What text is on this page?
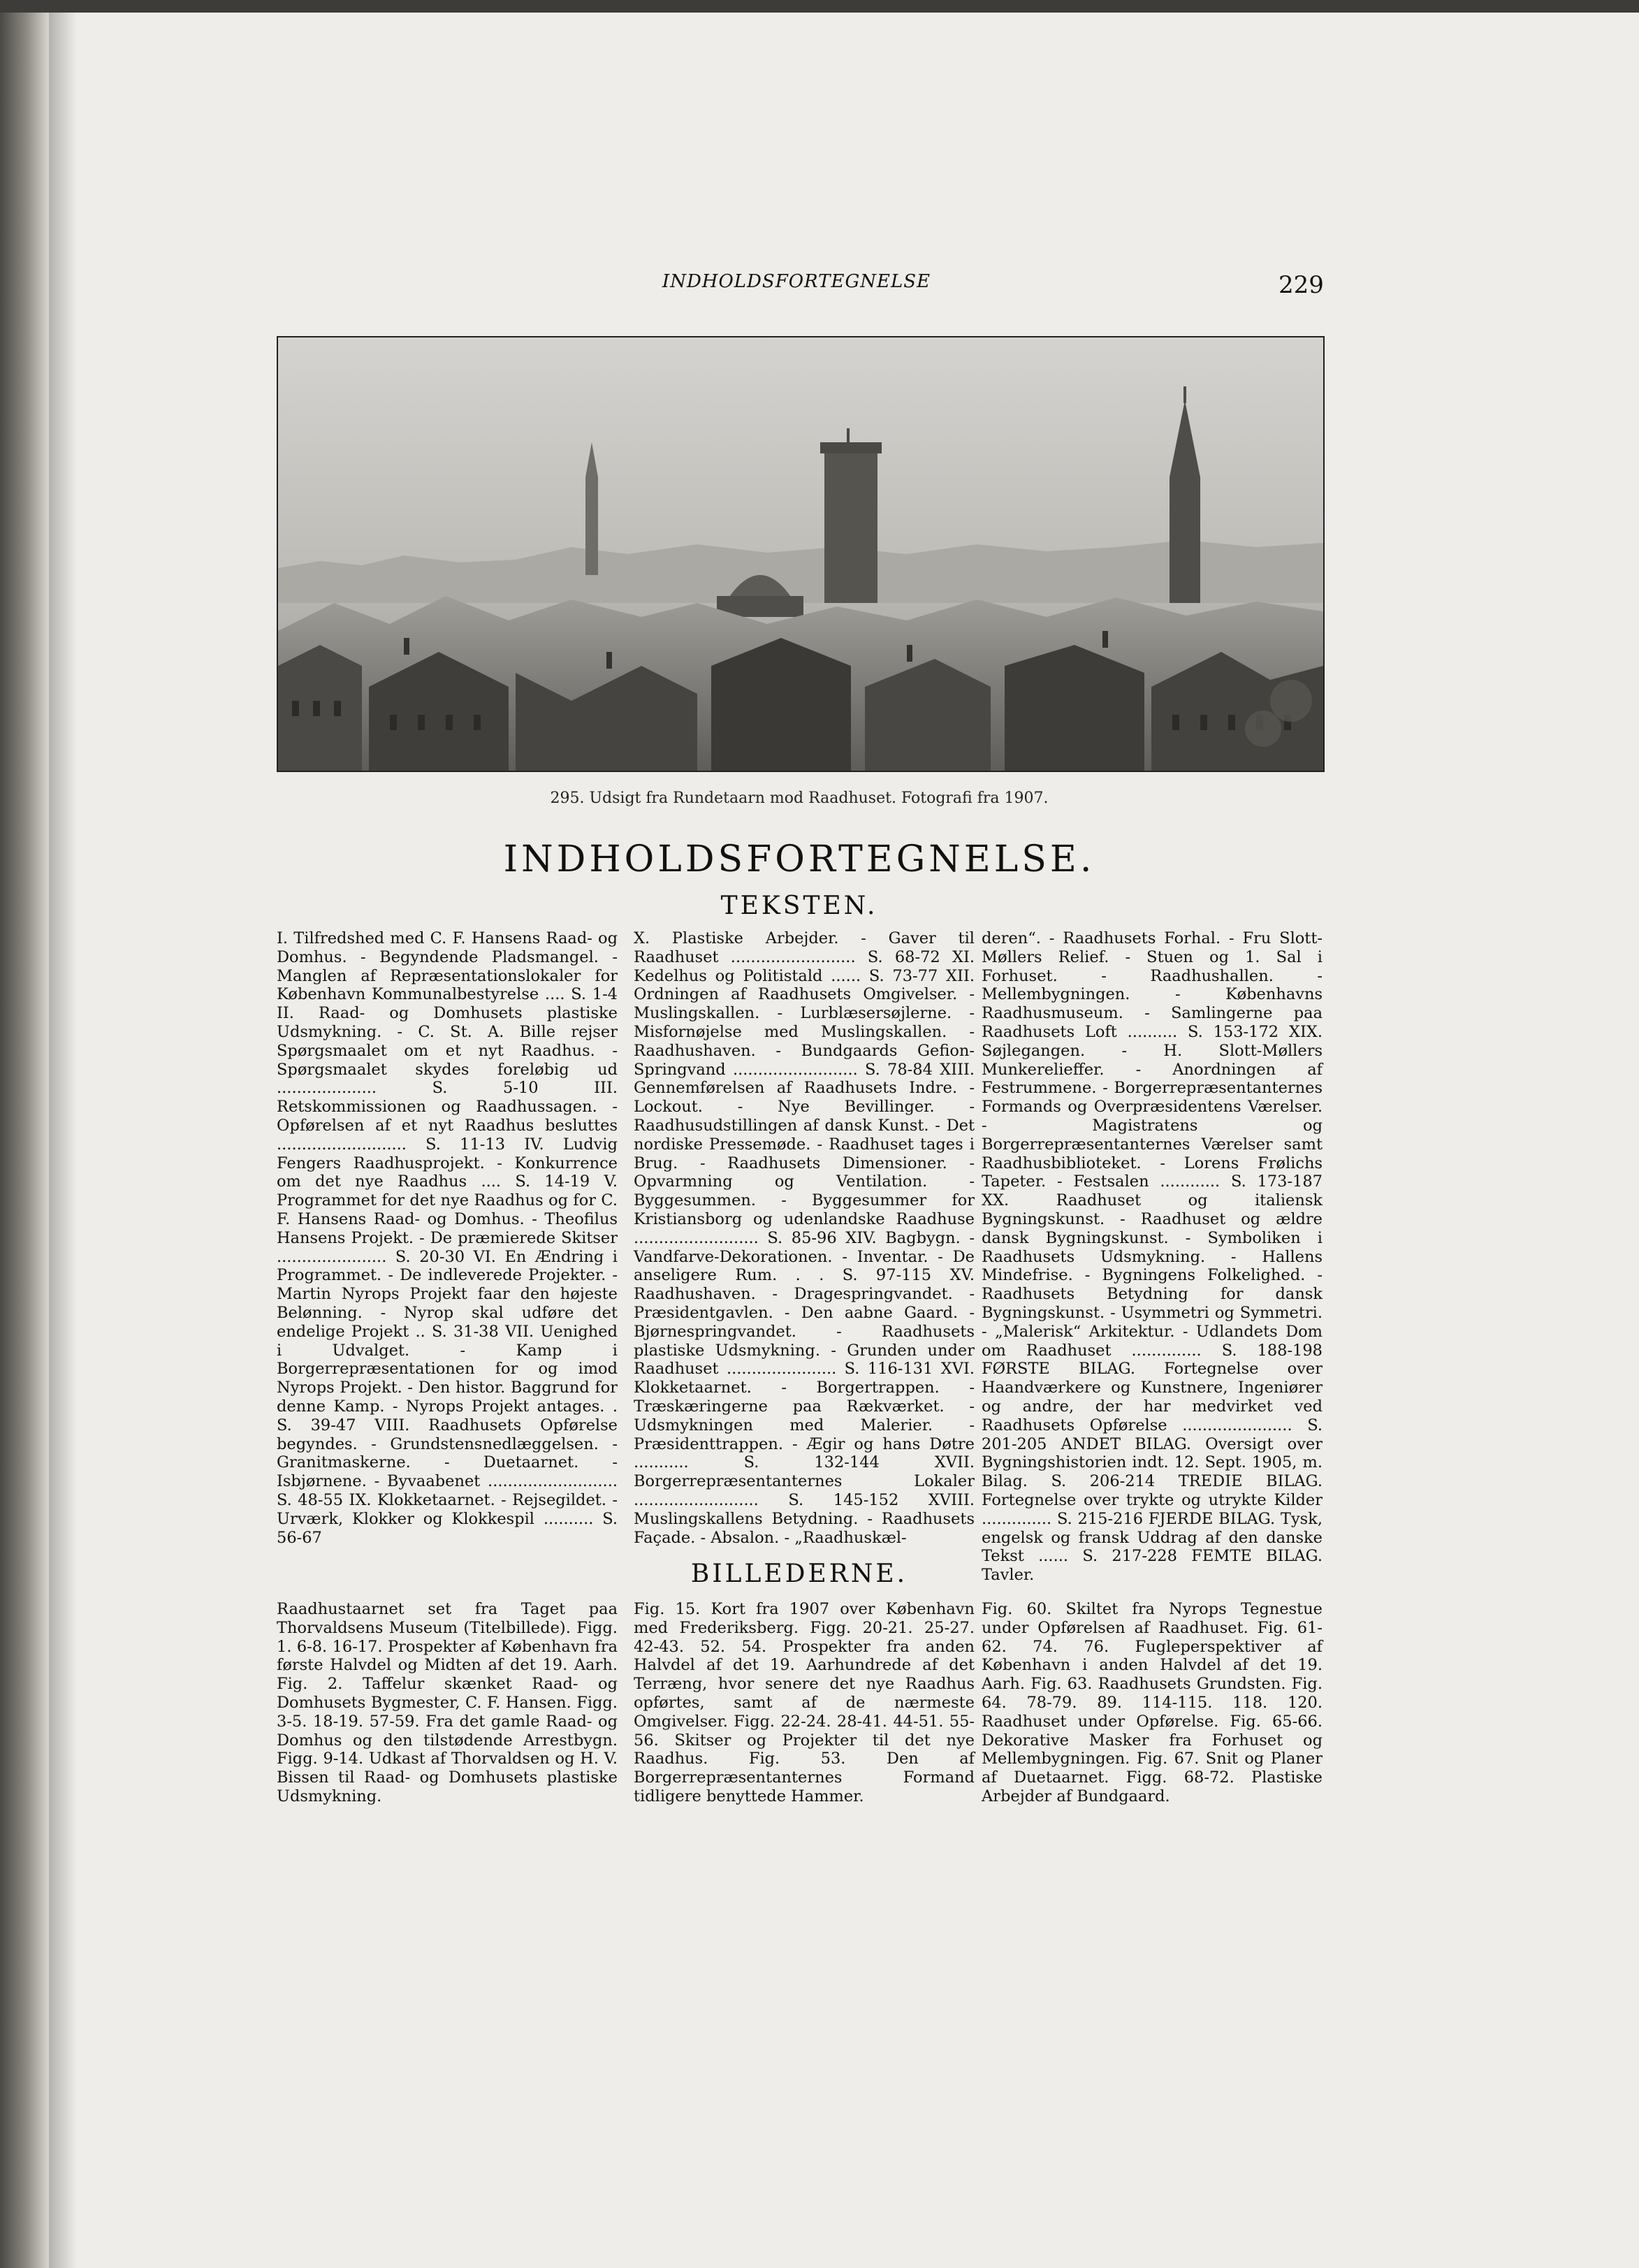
INDHOLDSFORTEGNELSE	229
295. Udsigt fra Rundetaarn mod Raadhuset. Fotografi fra 1907.
INDHOLDSFORTEGNELSE.
TEKSTEN.

I. Tilfredshed med C. F. Hansens Raad- og Domhus. - Begyndende Pladsmangel. - Manglen af Repræsentationslokaler for København Kommunalbestyrelse .... S. 1-4 II. Raad- og Domhusets plastiske Udsmykning. - C. St. A. Bille rejser Spørgsmaalet om et nyt Raadhus. - Spørgsmaalet skydes foreløbig ud .................... S. 5-10 III. Retskommissionen og Raadhussagen. - Opførelsen af et nyt Raadhus besluttes .......................... S. 11-13 IV. Ludvig Fengers Raadhusprojekt. - Konkurrence om det nye Raadhus .... S. 14-19 V. Programmet for det nye Raadhus og for C. F. Hansens Raad- og Domhus. - Theofilus Hansens Projekt. - De præmierede Skitser ...................... S. 20-30 VI. En Ændring i Programmet. - De indleverede Projekter. - Martin Nyrops Projekt faar den højeste Belønning. - Nyrop skal udføre det endelige Projekt .. S. 31-38 VII. Uenighed i Udvalget. - Kamp i Borgerrepræsentationen for og imod Nyrops Projekt. - Den histor. Baggrund for denne Kamp. - Nyrops Projekt antages. . S. 39-47 VIII. Raadhusets Opførelse begyndes. - Grundstensnedlæggelsen. - Granitmaskerne. - Duetaarnet. - Isbjørnene. - Byvaabenet .......................... S. 48-55 IX. Klokketaarnet. - Rejsegildet. - Urværk, Klokker og Klokkespil .......... S. 56-67

X. Plastiske Arbejder. - Gaver til Raadhuset ......................... S. 68-72 XI. Kedelhus og Politistald ...... S. 73-77 XII. Ordningen af Raadhusets Omgivelser. - Muslingskallen. - Lurblæsersøjlerne. - Misfornøjelse med Muslingskallen. - Raadhushaven. - Bundgaards Gefion-Springvand ......................... S. 78-84 XIII. Gennemførelsen af Raadhusets Indre. - Lockout. - Nye Bevillinger. - Raadhusudstillingen af dansk Kunst. - Det nordiske Pressemøde. - Raadhuset tages i Brug. - Raadhusets Dimensioner. - Opvarmning og Ventilation. - Byggesummen. - Byggesummer for Kristiansborg og udenlandske Raadhuse ......................... S. 85-96 XIV. Bagbygn. - Vandfarve-Dekorationen. - Inventar. - De anseligere Rum. . . S. 97-115 XV. Raadhushaven. - Dragespringvandet. - Præsidentgavlen. - Den aabne Gaard. - Bjørnespringvandet. - Raadhusets plastiske Udsmykning. - Grunden under Raadhuset ...................... S. 116-131 XVI. Klokketaarnet. - Borgertrappen. - Træskæringerne paa Rækværket. - Udsmykningen med Malerier. - Præsidenttrappen. - Ægir og hans Døtre ........... S. 132-144 XVII. Borgerrepræsentanternes Lokaler ......................... S. 145-152 XVIII. Muslingskallens Betydning. - Raadhusets Façade. - Absalon. - „Raadhuskæl-

deren“. - Raadhusets Forhal. - Fru Slott-Møllers Relief. - Stuen og 1. Sal i Forhuset. - Raadhushallen. - Mellembygningen. - Københavns Raadhusmuseum. - Samlingerne paa Raadhusets Loft .......... S. 153-172 XIX. Søjlegangen. - H. Slott-Møllers Munkerelieffer. - Anordningen af Festrummene. - Borgerrepræsentanternes Formands og Overpræsidentens Værelser. - Magistratens og Borgerrepræsentanternes Værelser samt Raadhusbiblioteket. - Lorens Frølichs Tapeter. - Festsalen ............ S. 173-187 XX. Raadhuset og italiensk Bygningskunst. - Raadhuset og ældre dansk Bygningskunst. - Symboliken i Raadhusets Udsmykning. - Hallens Mindefrise. - Bygningens Folkelighed. - Raadhusets Betydning for dansk Bygningskunst. - Usymmetri og Symmetri. - „Malerisk“ Arkitektur. - Udlandets Dom om Raadhuset .............. S. 188-198 FØRSTE BILAG. Fortegnelse over Haandværkere og Kunstnere, Ingeniører og andre, der har medvirket ved Raadhusets Opførelse ...................... S. 201-205 ANDET BILAG. Oversigt over Bygningshistorien indt. 12. Sept. 1905, m. Bilag. S. 206-214 TREDIE BILAG. Fortegnelse over trykte og utrykte Kilder .............. S. 215-216 FJERDE BILAG. Tysk, engelsk og fransk Uddrag af den danske Tekst ...... S. 217-228 FEMTE BILAG. Tavler.

BILLEDERNE.

Raadhustaarnet set fra Taget paa Thorvaldsens Museum (Titelbillede). Figg. 1. 6-8. 16-17. Prospekter af København fra første Halvdel og Midten af det 19. Aarh. Fig. 2. Taffelur skænket Raad- og Domhusets Bygmester, C. F. Hansen. Figg. 3-5. 18-19. 57-59. Fra det gamle Raad- og Domhus og den tilstødende Arrestbygn. Figg. 9-14. Udkast af Thorvaldsen og H. V. Bissen til Raad- og Domhusets plastiske Udsmykning.

Fig. 15. Kort fra 1907 over København med Frederiksberg. Figg. 20-21. 25-27. 42-43. 52. 54. Prospekter fra anden Halvdel af det 19. Aarhundrede af det Terræng, hvor senere det nye Raadhus opførtes, samt af de nærmeste Omgivelser. Figg. 22-24. 28-41. 44-51. 55-56. Skitser og Projekter til det nye Raadhus. Fig. 53. Den af Borgerrepræsentanternes Formand tidligere benyttede Hammer.

Fig. 60. Skiltet fra Nyrops Tegnestue under Opførelsen af Raadhuset. Fig. 61-62. 74. 76. Fugleperspektiver af København i anden Halvdel af det 19. Aarh. Fig. 63. Raadhusets Grundsten. Fig. 64. 78-79. 89. 114-115. 118. 120. Raadhuset under Opførelse. Fig. 65-66. Dekorative Masker fra Forhuset og Mellembygningen. Fig. 67. Snit og Planer af Duetaarnet. Figg. 68-72. Plastiske Arbejder af Bundgaard.
